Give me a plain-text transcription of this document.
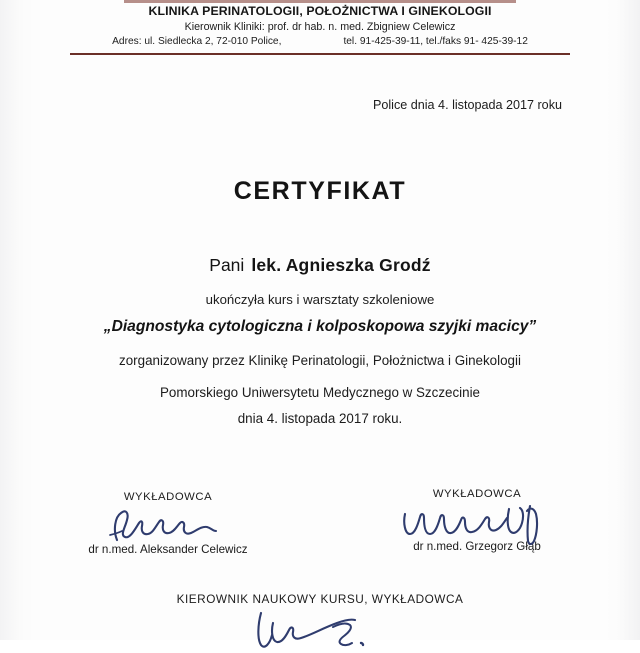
KLINIKA PERINATOLOGII, POŁOŻNICTWA I GINEKOLOGII
Kierownik Kliniki: prof. dr hab. n. med. Zbigniew Celewicz
Adres: ul. Siedlecka 2, 72-010 Police,	tel. 91-425-39-11, tel./faks 91- 425-39-12
Police dnia 4. listopada 2017 roku
CERTYFIKAT
Pani lek. Agnieszka Grodź
ukończyła kurs i warsztaty szkoleniowe
„Diagnostyka cytologiczna i kolposkopowa szyjki macicy”
zorganizowany przez Klinikę Perinatologii, Położnictwa i Ginekologii
Pomorskiego Uniwersytetu Medycznego w Szczecinie
dnia 4. listopada 2017 roku.
WYKŁADOWCA
dr n.med. Aleksander Celewicz
WYKŁADOWCA
dr n.med. Grzegorz Głąb
KIEROWNIK NAUKOWY KURSU, WYKŁADOWCA
